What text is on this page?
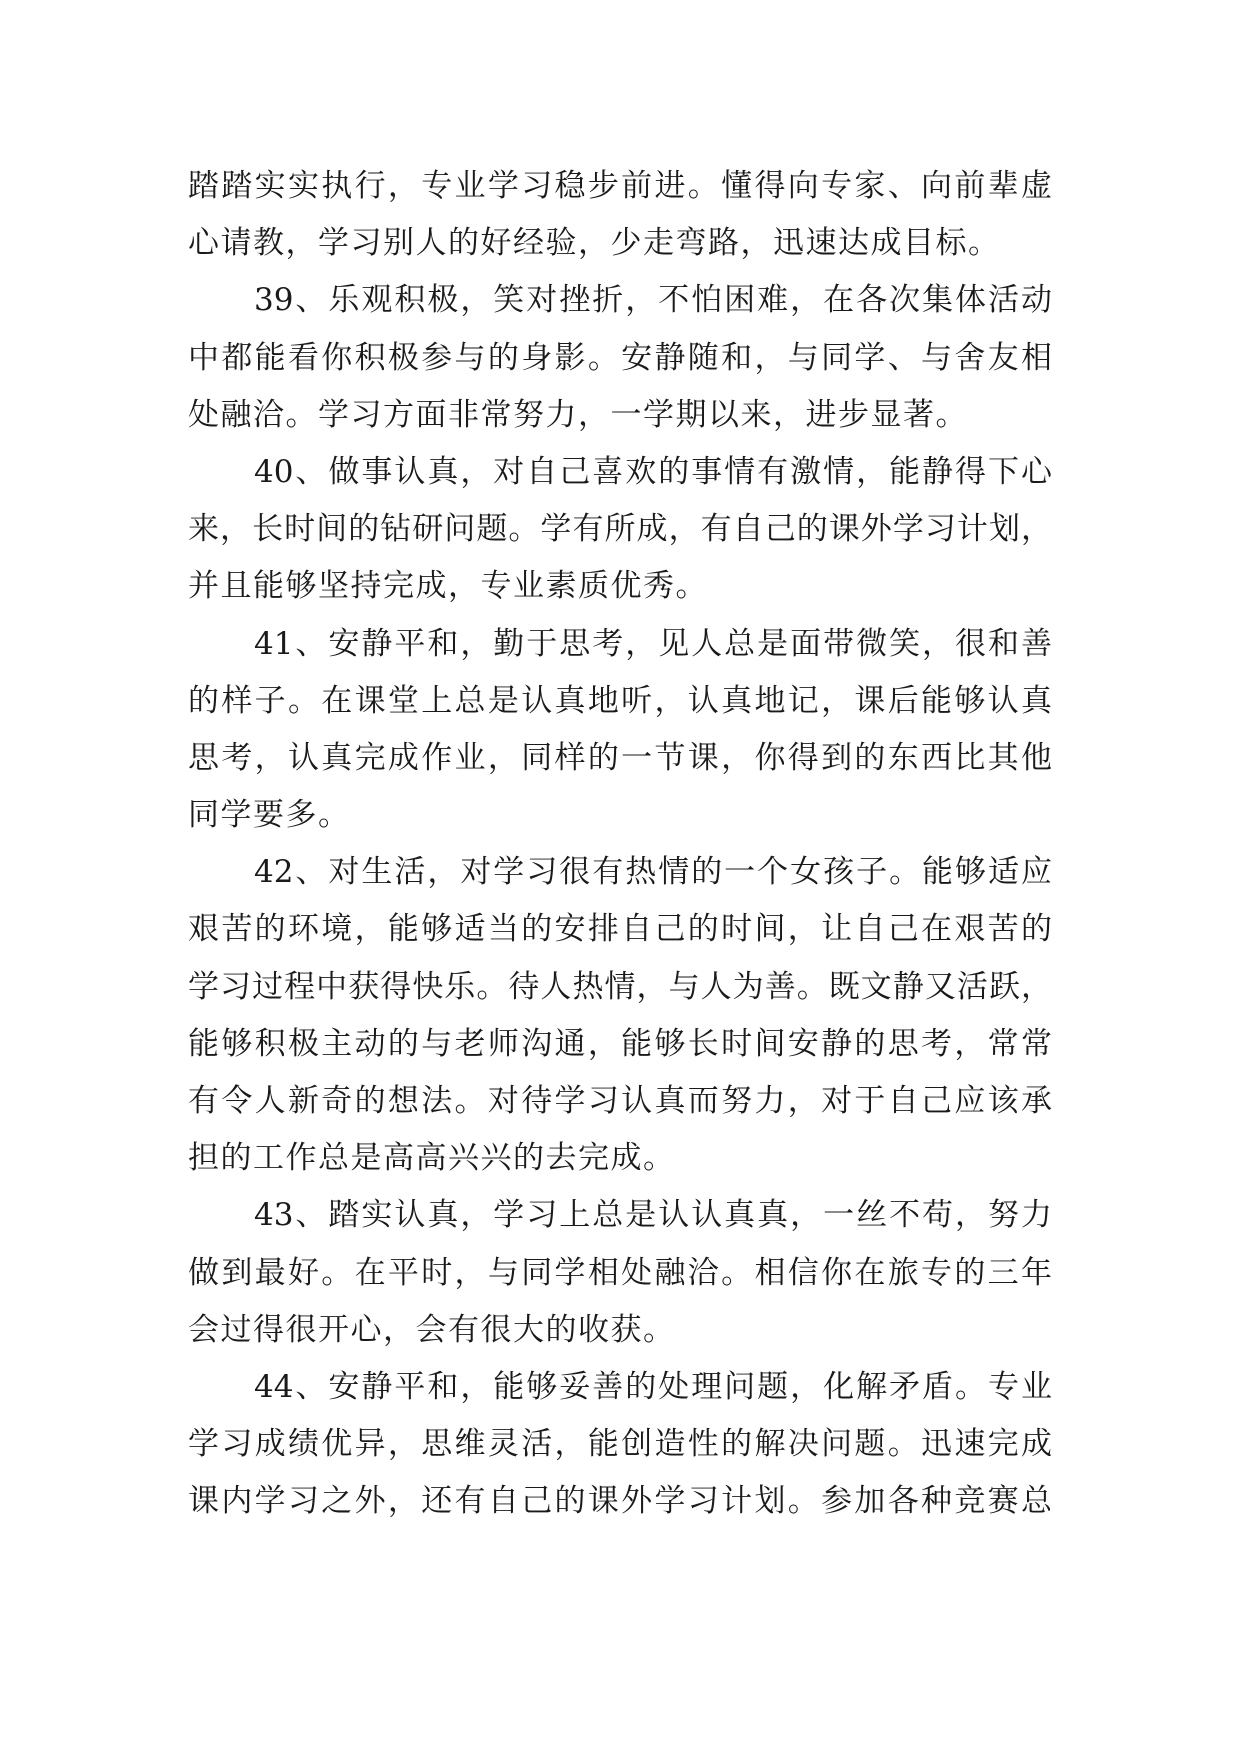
踏踏实实执行，专业学习稳步前进。懂得向专家、向前辈虚
心请教，学习别人的好经验，少走弯路，迅速达成目标。
39、乐观积极，笑对挫折，不怕困难，在各次集体活动
中都能看你积极参与的身影。安静随和，与同学、与舍友相
处融洽。学习方面非常努力，一学期以来，进步显著。
40、做事认真，对自己喜欢的事情有激情，能静得下心
来，长时间的钻研问题。学有所成，有自己的课外学习计划，
并且能够坚持完成，专业素质优秀。
41、安静平和，勤于思考，见人总是面带微笑，很和善
的样子。在课堂上总是认真地听，认真地记，课后能够认真
思考，认真完成作业，同样的一节课，你得到的东西比其他
同学要多。
42、对生活，对学习很有热情的一个女孩子。能够适应
艰苦的环境，能够适当的安排自己的时间，让自己在艰苦的
学习过程中获得快乐。待人热情，与人为善。既文静又活跃，
能够积极主动的与老师沟通，能够长时间安静的思考，常常
有令人新奇的想法。对待学习认真而努力，对于自己应该承
担的工作总是高高兴兴的去完成。
43、踏实认真，学习上总是认认真真，一丝不苟，努力
做到最好。在平时，与同学相处融洽。相信你在旅专的三年
会过得很开心，会有很大的收获。
44、安静平和，能够妥善的处理问题，化解矛盾。专业
学习成绩优异，思维灵活，能创造性的解决问题。迅速完成
课内学习之外，还有自己的课外学习计划。参加各种竞赛总
